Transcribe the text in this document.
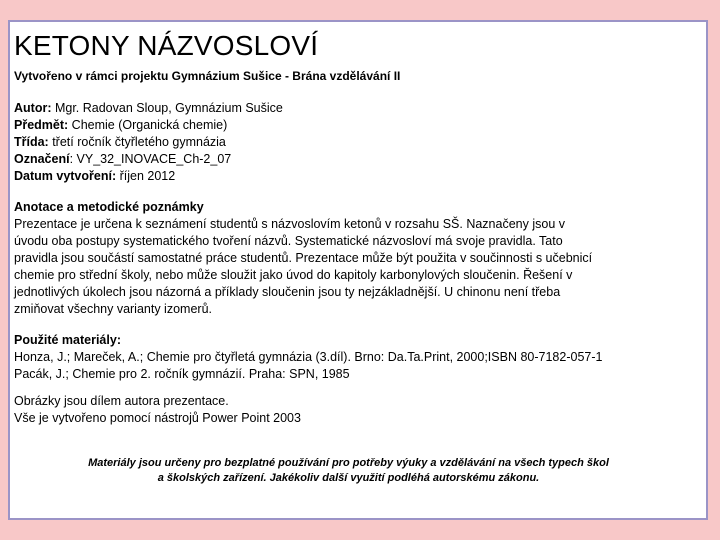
KETONY NÁZVOSLOVÍ
Vytvořeno v rámci projektu Gymnázium Sušice - Brána vzdělávání II
Autor: Mgr. Radovan Sloup, Gymnázium Sušice
Předmět: Chemie (Organická chemie)
Třída: třetí ročník čtyřletého gymnázia
Označení: VY_32_INOVACE_Ch-2_07
Datum vytvoření: říjen 2012
Anotace a metodické poznámky
Prezentace je určena k seznámení studentů s názvoslovím ketonů v rozsahu SŠ. Naznačeny jsou v
úvodu oba postupy systematického tvoření názvů. Systematické názvosloví má svoje pravidla. Tato
pravidla jsou součástí samostatné práce studentů. Prezentace může být použita v součinnosti s učebnicí
chemie pro střední školy, nebo může sloužit jako úvod do kapitoly karbonylových sloučenin. Řešení v
jednotlivých úkolech jsou názorná a příklady sloučenin jsou ty nejzákladnější. U chinonu není třeba
zmiňovat všechny varianty izomerů.
Použité materiály:
Honza, J.; Mareček, A.; Chemie pro čtyřletá gymnázia (3.díl). Brno: Da.Ta.Print, 2000;ISBN 80-7182-057-1
Pacák, J.; Chemie pro 2. ročník gymnázií. Praha: SPN, 1985
Obrázky jsou dílem autora prezentace.
Vše je vytvořeno pomocí nástrojů Power Point 2003
Materiály jsou určeny pro bezplatné používání pro potřeby výuky a vzdělávání na všech typech škol
a školských zařízení. Jakékoliv další využití podléhá autorskému zákonu.
